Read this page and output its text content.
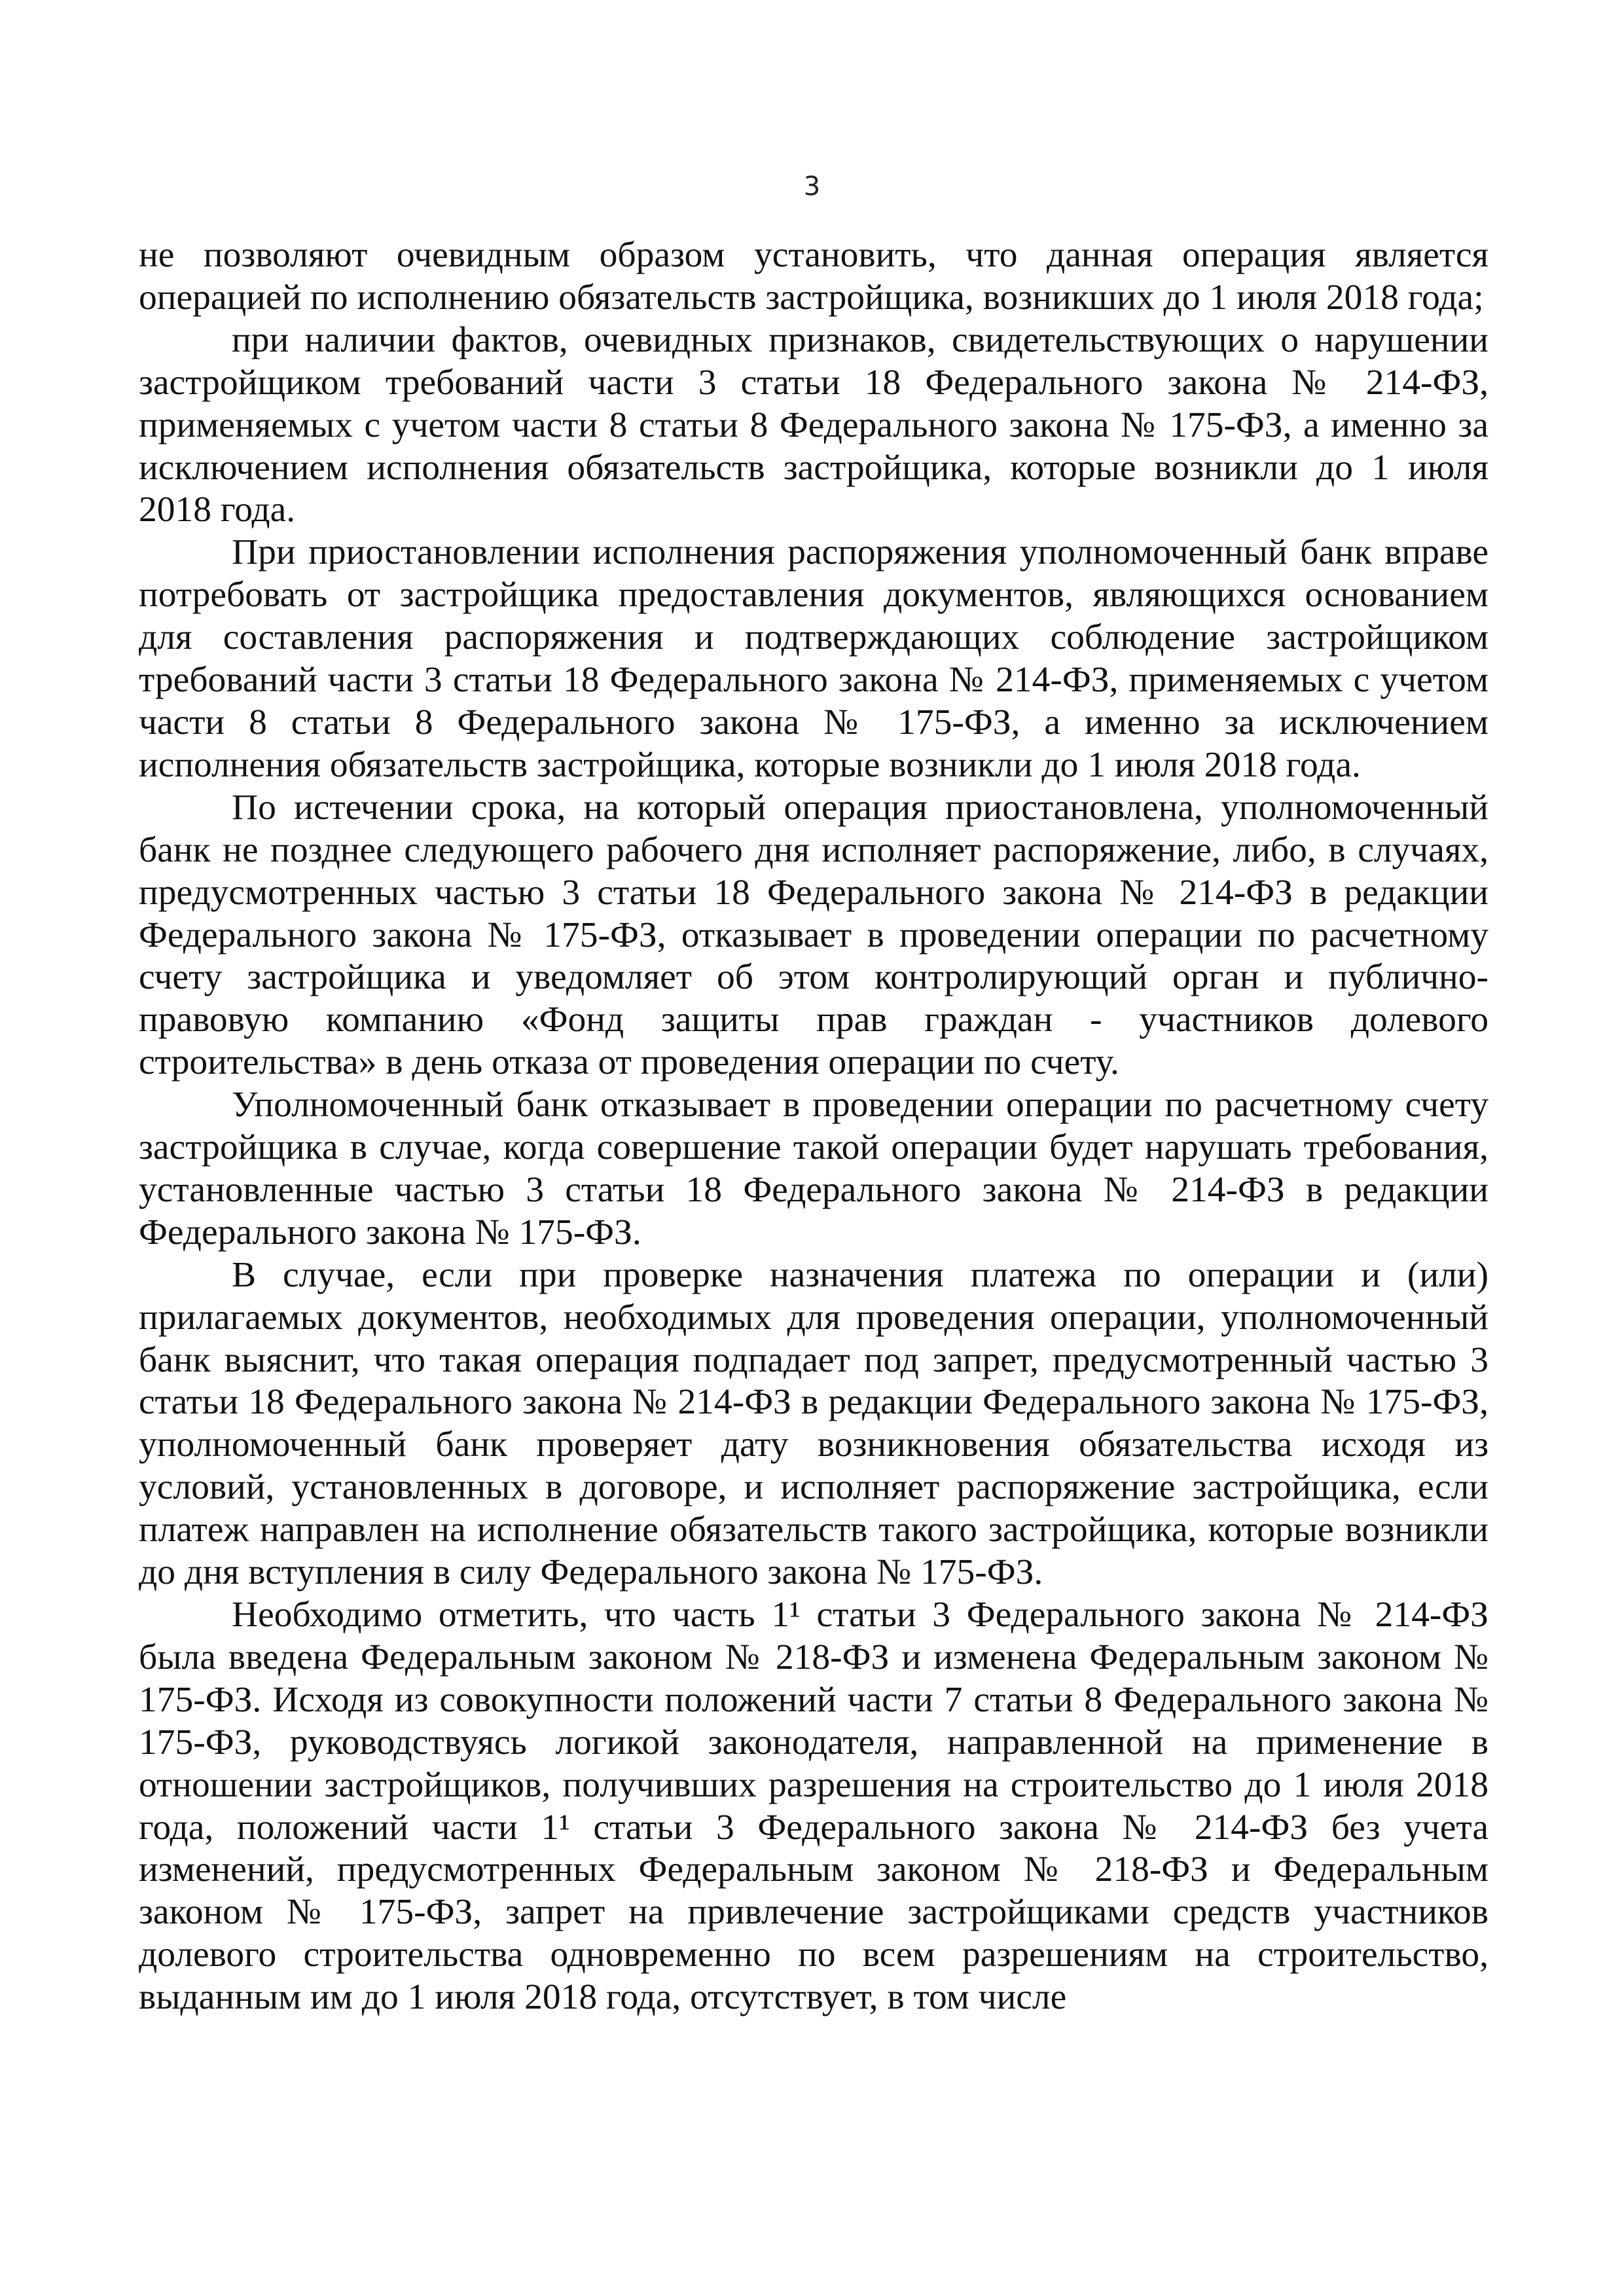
3

не позволяют очевидным образом установить, что данная операция является операцией по исполнению обязательств застройщика, возникших до 1 июля 2018 года;

при наличии фактов, очевидных признаков, свидетельствующих о нарушении застройщиком требований части 3 статьи 18 Федерального закона № 214-ФЗ, применяемых с учетом части 8 статьи 8 Федерального закона № 175-ФЗ, а именно за исключением исполнения обязательств застройщика, которые возникли до 1 июля 2018 года.

При приостановлении исполнения распоряжения уполномоченный банк вправе потребовать от застройщика предоставления документов, являющихся основанием для составления распоряжения и подтверждающих соблюдение застройщиком требований части 3 статьи 18 Федерального закона № 214-ФЗ, применяемых с учетом части 8 статьи 8 Федерального закона № 175-ФЗ, а именно за исключением исполнения обязательств застройщика, которые возникли до 1 июля 2018 года.

По истечении срока, на который операция приостановлена, уполномоченный банк не позднее следующего рабочего дня исполняет распоряжение, либо, в случаях, предусмотренных частью 3 статьи 18 Федерального закона № 214-ФЗ в редакции Федерального закона № 175-ФЗ, отказывает в проведении операции по расчетному счету застройщика и уведомляет об этом контролирующий орган и публично-правовую компанию «Фонд защиты прав граждан - участников долевого строительства» в день отказа от проведения операции по счету.

Уполномоченный банк отказывает в проведении операции по расчетному счету застройщика в случае, когда совершение такой операции будет нарушать требования, установленные частью 3 статьи 18 Федерального закона № 214-ФЗ в редакции Федерального закона № 175-ФЗ.

В случае, если при проверке назначения платежа по операции и (или) прилагаемых документов, необходимых для проведения операции, уполномоченный банк выяснит, что такая операция подпадает под запрет, предусмотренный частью 3 статьи 18 Федерального закона № 214-ФЗ в редакции Федерального закона № 175-ФЗ, уполномоченный банк проверяет дату возникновения обязательства исходя из условий, установленных в договоре, и исполняет распоряжение застройщика, если платеж направлен на исполнение обязательств такого застройщика, которые возникли до дня вступления в силу Федерального закона № 175-ФЗ.

Необходимо отметить, что часть 1¹ статьи 3 Федерального закона № 214-ФЗ была введена Федеральным законом № 218-ФЗ и изменена Федеральным законом № 175-ФЗ. Исходя из совокупности положений части 7 статьи 8 Федерального закона № 175-ФЗ, руководствуясь логикой законодателя, направленной на применение в отношении застройщиков, получивших разрешения на строительство до 1 июля 2018 года, положений части 1¹ статьи 3 Федерального закона № 214-ФЗ без учета изменений, предусмотренных Федеральным законом № 218-ФЗ и Федеральным законом № 175-ФЗ, запрет на привлечение застройщиками средств участников долевого строительства одновременно по всем разрешениям на строительство, выданным им до 1 июля 2018 года, отсутствует, в том числе
